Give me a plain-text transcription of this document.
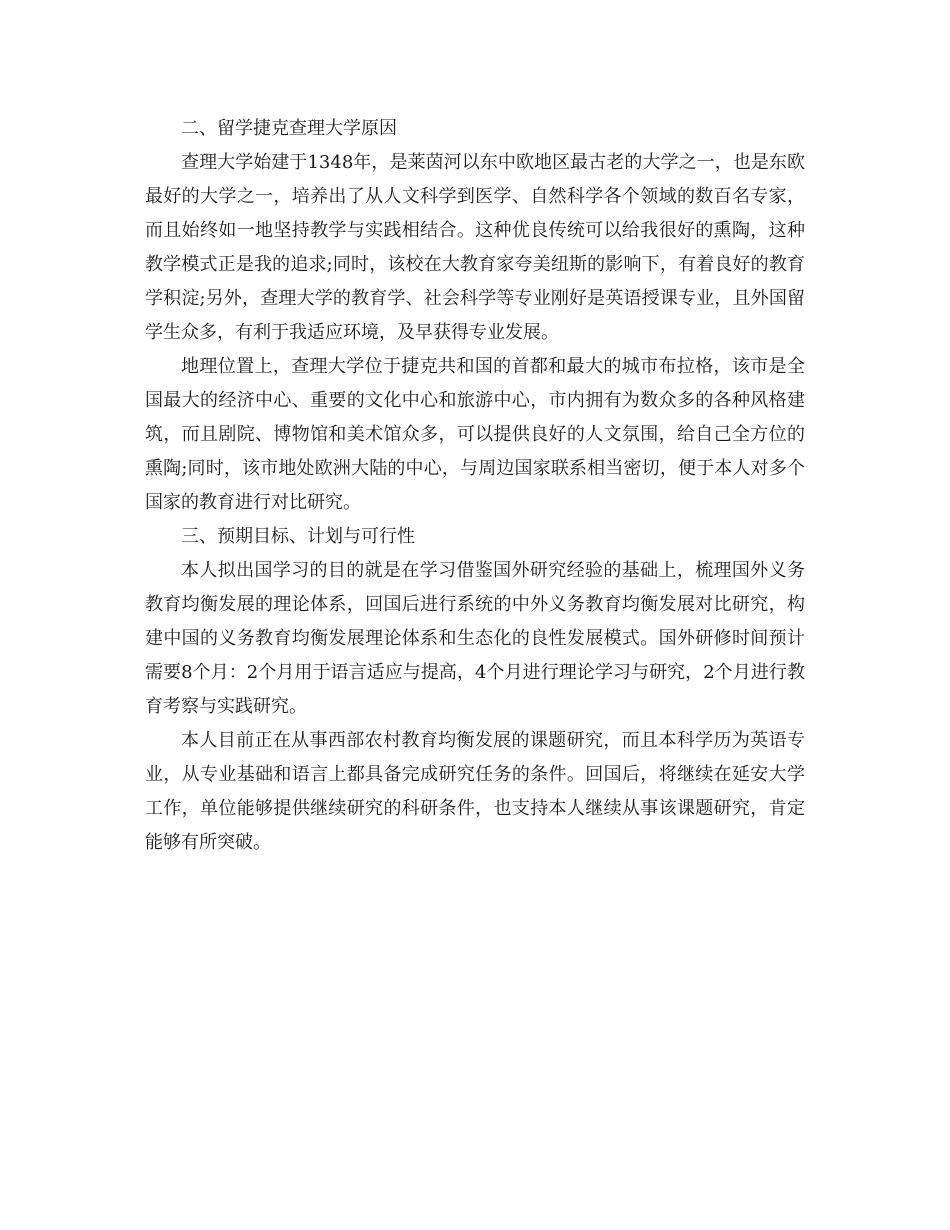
二、留学捷克查理大学原因

查理大学始建于1348年，是莱茵河以东中欧地区最古老的大学之一，也是东欧最好的大学之一，培养出了从人文科学到医学、自然科学各个领域的数百名专家，而且始终如一地坚持教学与实践相结合。这种优良传统可以给我很好的熏陶，这种教学模式正是我的追求;同时，该校在大教育家夸美纽斯的影响下，有着良好的教育学积淀;另外，查理大学的教育学、社会科学等专业刚好是英语授课专业，且外国留学生众多，有利于我适应环境，及早获得专业发展。

地理位置上，查理大学位于捷克共和国的首都和最大的城市布拉格，该市是全国最大的经济中心、重要的文化中心和旅游中心，市内拥有为数众多的各种风格建筑，而且剧院、博物馆和美术馆众多，可以提供良好的人文氛围，给自己全方位的熏陶;同时，该市地处欧洲大陆的中心，与周边国家联系相当密切，便于本人对多个国家的教育进行对比研究。

三、预期目标、计划与可行性

本人拟出国学习的目的就是在学习借鉴国外研究经验的基础上，梳理国外义务教育均衡发展的理论体系，回国后进行系统的中外义务教育均衡发展对比研究，构建中国的义务教育均衡发展理论体系和生态化的良性发展模式。国外研修时间预计需要8个月：2个月用于语言适应与提高，4个月进行理论学习与研究，2个月进行教育考察与实践研究。

本人目前正在从事西部农村教育均衡发展的课题研究，而且本科学历为英语专业，从专业基础和语言上都具备完成研究任务的条件。回国后，将继续在延安大学工作，单位能够提供继续研究的科研条件，也支持本人继续从事该课题研究，肯定能够有所突破。
